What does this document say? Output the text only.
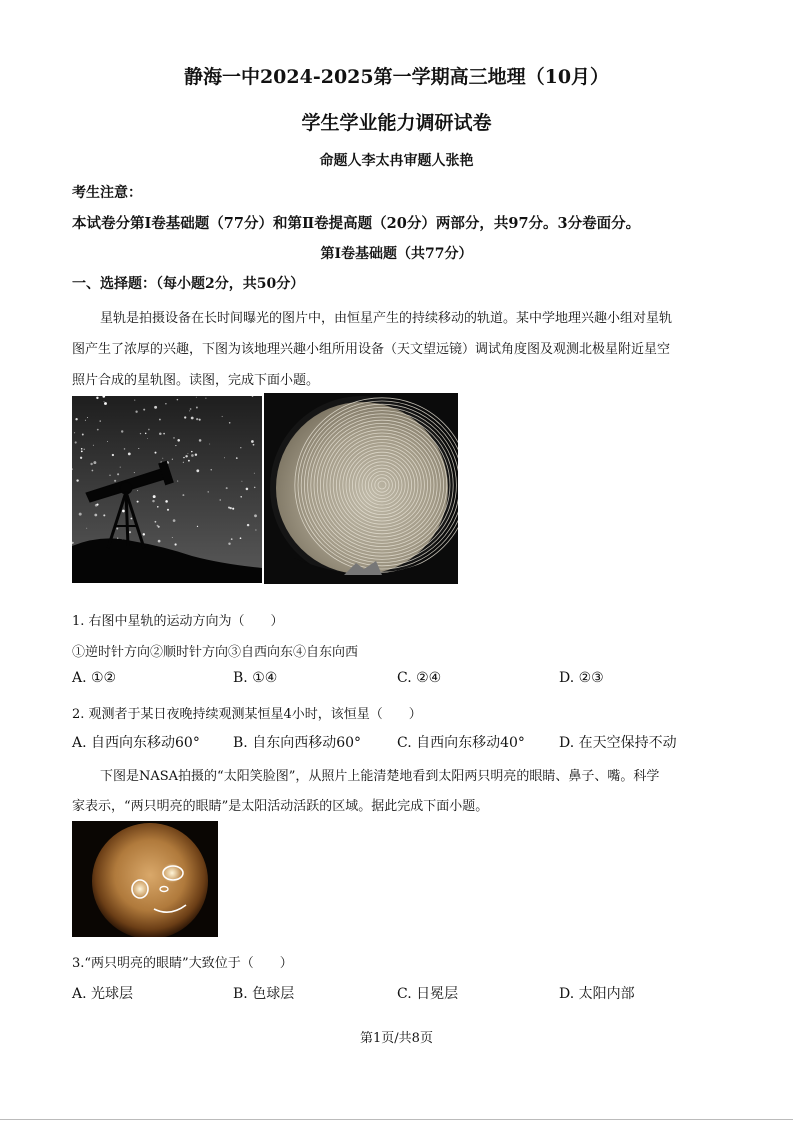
静海一中2024-2025第一学期高三地理（10月）
学生学业能力调研试卷
命题人李太冉审题人张艳
考生注意：
本试卷分第Ⅰ卷基础题（77分）和第Ⅱ卷提高题（20分）两部分，共97分。3分卷面分。
第Ⅰ卷基础题（共77分）
一、选择题：（每小题2分，共50分）
星轨是拍摄设备在长时间曝光的图片中，由恒星产生的持续移动的轨道。某中学地理兴趣小组对星轨
图产生了浓厚的兴趣，下图为该地理兴趣小组所用设备（天文望远镜）调试角度图及观测北极星附近星空
照片合成的星轨图。读图，完成下面小题。
1. 右图中星轨的运动方向为（　　）
①逆时针方向②顺时针方向③自西向东④自东向西
A. ①②	B. ①④	C. ②④	D. ②③
2. 观测者于某日夜晚持续观测某恒星4小时，该恒星（　　）
A. 自西向东移动60° B. 自东向西移动60°	C. 自西向东移动40° D. 在天空保持不动
下图是NASA拍摄的“太阳笑脸图”，从照片上能清楚地看到太阳两只明亮的眼睛、鼻子、嘴。科学
家表示，“两只明亮的眼睛”是太阳活动活跃的区域。据此完成下面小题。
3.“两只明亮的眼睛”大致位于（　　）
A. 光球层	B. 色球层	C. 日冕层	D. 太阳内部
第1页/共8页
